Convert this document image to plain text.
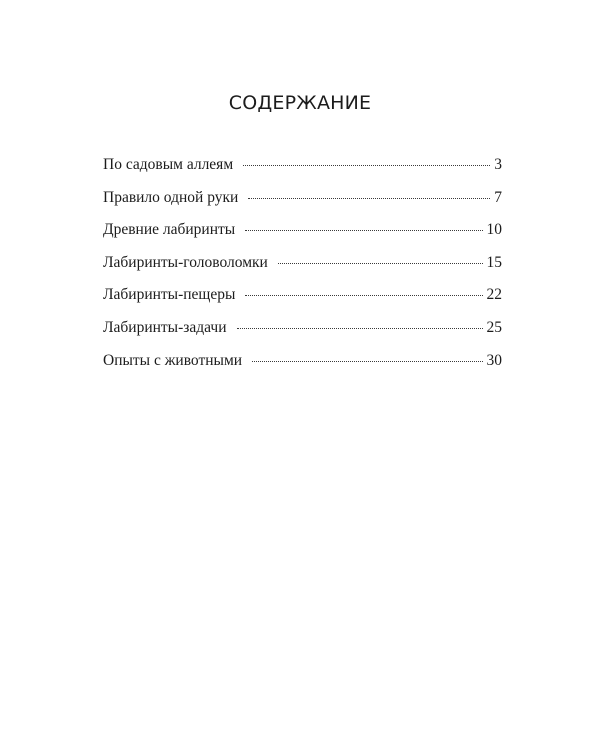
СОДЕРЖАНИЕ
По садовым аллеям	3
Правило одной руки	7
Древние лабиринты	10
Лабиринты-головоломки	15
Лабиринты-пещеры	22
Лабиринты-задачи	25
Опыты с животными	30
